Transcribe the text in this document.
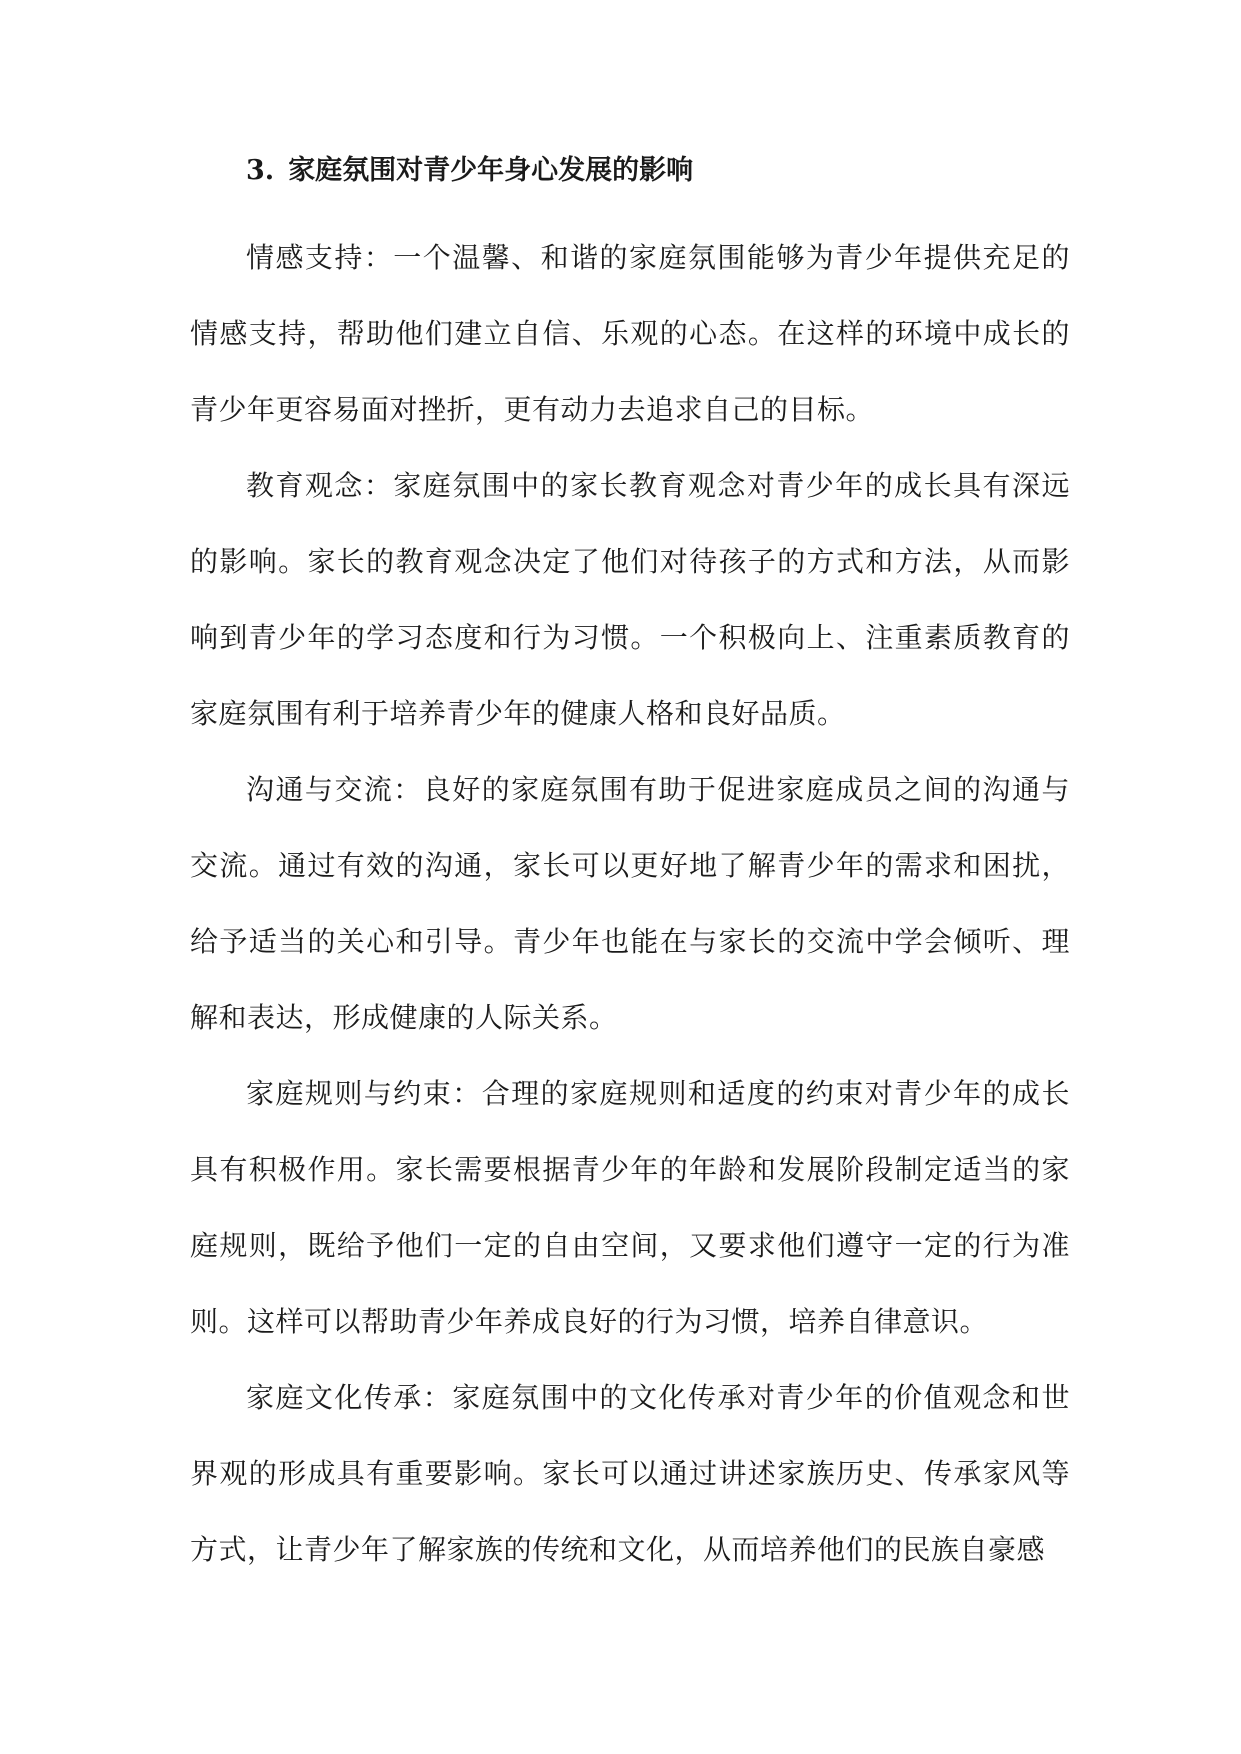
3. 家庭氛围对青少年身心发展的影响

情感支持：一个温馨、和谐的家庭氛围能够为青少年提供充足的情感支持，帮助他们建立自信、乐观的心态。在这样的环境中成长的青少年更容易面对挫折，更有动力去追求自己的目标。

教育观念：家庭氛围中的家长教育观念对青少年的成长具有深远的影响。家长的教育观念决定了他们对待孩子的方式和方法，从而影响到青少年的学习态度和行为习惯。一个积极向上、注重素质教育的家庭氛围有利于培养青少年的健康人格和良好品质。

沟通与交流：良好的家庭氛围有助于促进家庭成员之间的沟通与交流。通过有效的沟通，家长可以更好地了解青少年的需求和困扰，给予适当的关心和引导。青少年也能在与家长的交流中学会倾听、理解和表达，形成健康的人际关系。

家庭规则与约束：合理的家庭规则和适度的约束对青少年的成长具有积极作用。家长需要根据青少年的年龄和发展阶段制定适当的家庭规则，既给予他们一定的自由空间，又要求他们遵守一定的行为准则。这样可以帮助青少年养成良好的行为习惯，培养自律意识。

家庭文化传承：家庭氛围中的文化传承对青少年的价值观念和世界观的形成具有重要影响。家长可以通过讲述家族历史、传承家风等方式，让青少年了解家族的传统和文化，从而培养他们的民族自豪感
